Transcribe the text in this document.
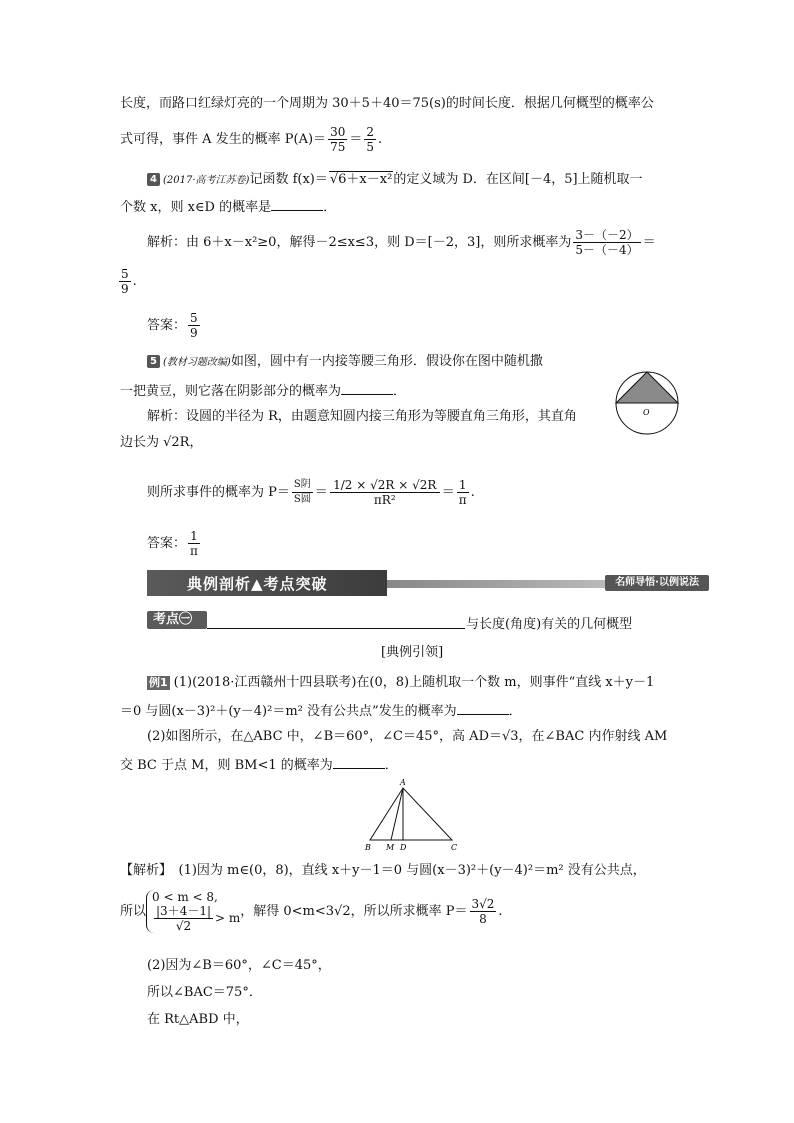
长度，而路口红绿灯亮的一个周期为 30＋5＋40＝75(s)的时间长度．根据几何概型的概率公
式可得，事件 A 发生的概率 $P(A)= \frac{30}{75} = \frac{2}{5}$ .
4 (2017·高考江苏卷)记函数 f(x)＝ √6＋x－x²的定义域为 D．在区间[－4，5]上随机取一
个数 x，则 x∈D 的概率是	．
解析：由 6＋x－x²≥0，解得－2≤x≤3，则 D＝[－2，3]，则所求概率为 $\frac{3-(-2)}{5-(-4)}$ ＝
$\frac{5}{9}$ .
答案： $\frac{5}{9}$
5 (教材习题改编)如图，圆中有一内接等腰三角形．假设你在图中随机撒
一把黄豆，则它落在阴影部分的概率为	．
解析：设圆的半径为 R，由题意知圆内接三角形为等腰直角三角形，其直角
边长为 √2R，
O
则所求事件的概率为 $P= \frac{\text{S阴}}{\text{S圆}} = \frac{1/2 \times √2R \times √2R}{\text{πR²}} = \frac{1}{\pi}$ .
答案： $\frac{1}{\pi}$
典例剖析▲考点突破	名师导悟·以例说法
考点㊀	与长度(角度)有关的几何概型
[典例引领]
例1 (1)(2018·江西赣州十四县联考)在(0，8)上随机取一个数 m，则事件“直线 x＋y－1
＝0 与圆(x－3)²＋(y－4)²＝m² 没有公共点”发生的概率为	．
(2)如图所示，在△ABC 中，∠B＝60°，∠C＝45°，高 AD＝√3，在∠BAC 内作射线 AM
交 BC 于点 M，则 BM<1 的概率为	．
A
B M D	C
【解析】　(1)因为 m∈(0，8)，直线 x＋y－1＝0 与圆(x－3)²＋(y－4)²＝m² 没有公共点，
所以
0 < m < 8,
$\frac{|3+4-1|}{√2} > m$ ，解得 0<m<3√2，所以所求概率 $P= \frac{3√2}{8}$ .
(2)因为∠B＝60°，∠C＝45°，
所以∠BAC＝75°．
在 Rt△ABD 中，
